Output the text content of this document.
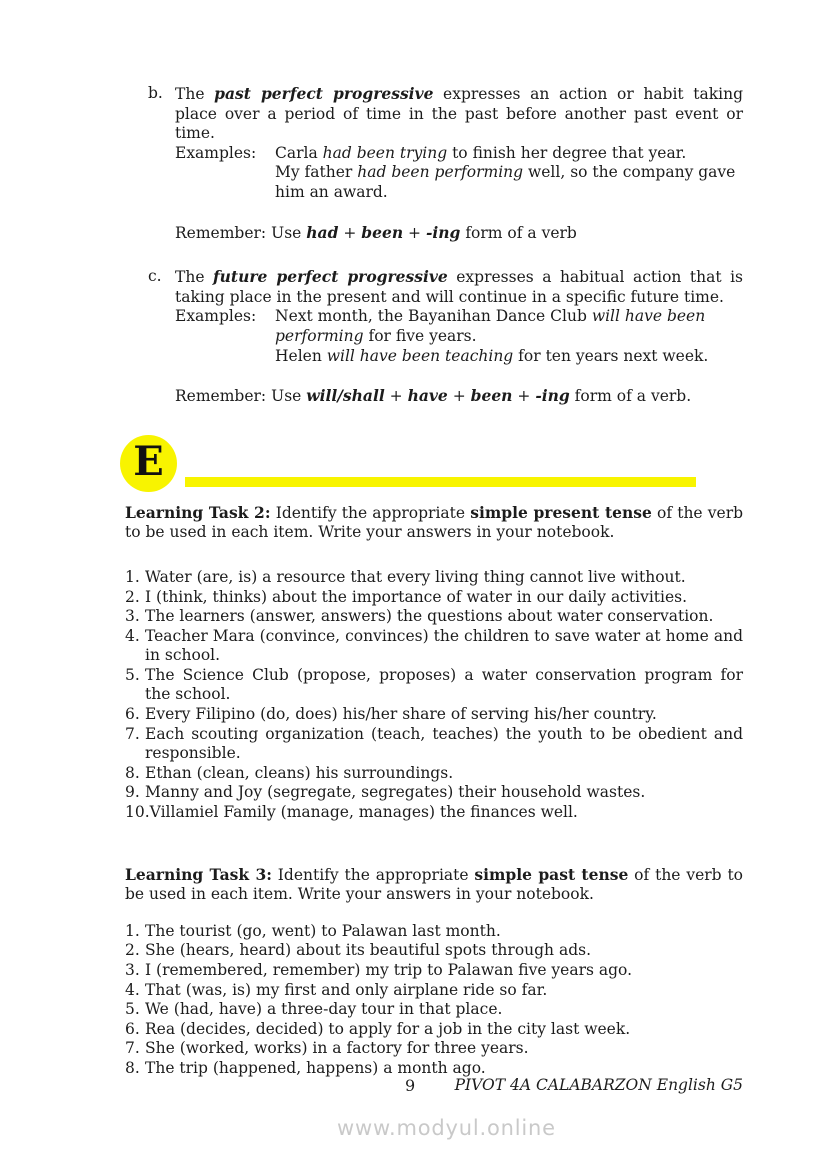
b. The past perfect progressive expresses an action or habit taking place over a period of time in the past before another past event or time.

Examples:	Carla had been trying to finish her degree that year.

My father had been performing well, so the company gave him an award.

Remember: Use had + been + -ing form of a verb
c. The future perfect progressive expresses a habitual action that is taking place in the present and will continue in a specific future time.

Examples:	Next month, the Bayanihan Dance Club will have been performing for five years.

Helen will have been teaching for ten years next week.

Remember: Use will/shall + have + been + -ing form of a verb.
E

Learning Task 2: Identify the appropriate simple present tense of the verb to be used in each item. Write your answers in your notebook.

1. Water (are, is) a resource that every living thing cannot live without.
2. I (think, thinks) about the importance of water in our daily activities.
3. The learners (answer, answers) the questions about water conservation.
4. Teacher Mara (convince, convinces) the children to save water at home and in school.
5. The Science Club (propose, proposes) a water conservation program for the school.
6. Every Filipino (do, does) his/her share of serving his/her country.
7. Each scouting organization (teach, teaches) the youth to be obedient and responsible.
8. Ethan (clean, cleans) his surroundings.
9. Manny and Joy (segregate, segregates) their household wastes.
10. Villamiel Family (manage, manages) the finances well.

Learning Task 3: Identify the appropriate simple past tense of the verb to be used in each item. Write your answers in your notebook.

1. The tourist (go, went) to Palawan last month.
2. She (hears, heard) about its beautiful spots through ads.
3. I (remembered, remember) my trip to Palawan five years ago.
4. That (was, is) my first and only airplane ride so far.
5. We (had, have) a three-day tour in that place.
6. Rea (decides, decided) to apply for a job in the city last week.
7. She (worked, works) in a factory for three years.
8. The trip (happened, happens) a month ago.
9	PIVOT 4A CALABARZON English G5
www.modyul.online
